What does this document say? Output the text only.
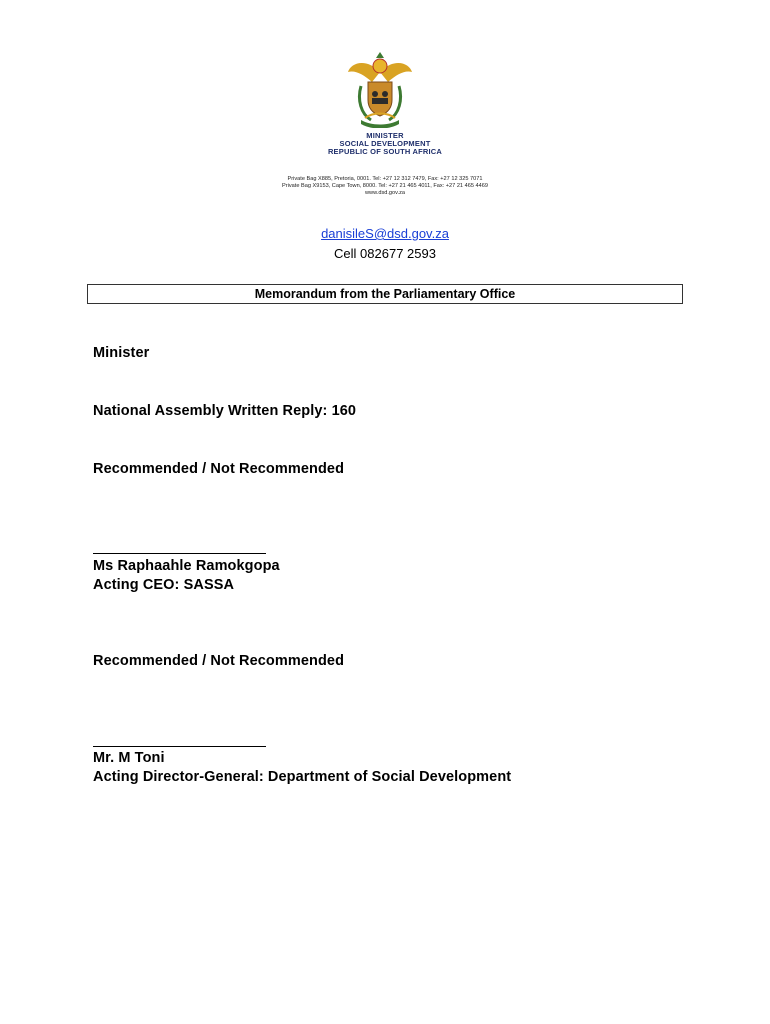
MINISTER
SOCIAL DEVELOPMENT
REPUBLIC OF SOUTH AFRICA
Private Bag X885, Pretoria, 0001. Tel: +27 12 312 7479, Fax: +27 12 325 7071
Private Bag X9153, Cape Town, 8000. Tel: +27 21 465 4011, Fax: +27 21 465 4469
www.dsd.gov.za
danisileS@dsd.gov.za
Cell 082677 2593
Memorandum from the Parliamentary Office
Minister
National Assembly Written Reply: 160
Recommended / Not Recommended
Ms Raphaahle Ramokgopa
Acting CEO: SASSA
Recommended / Not Recommended
Mr. M Toni
Acting Director-General: Department of Social Development
